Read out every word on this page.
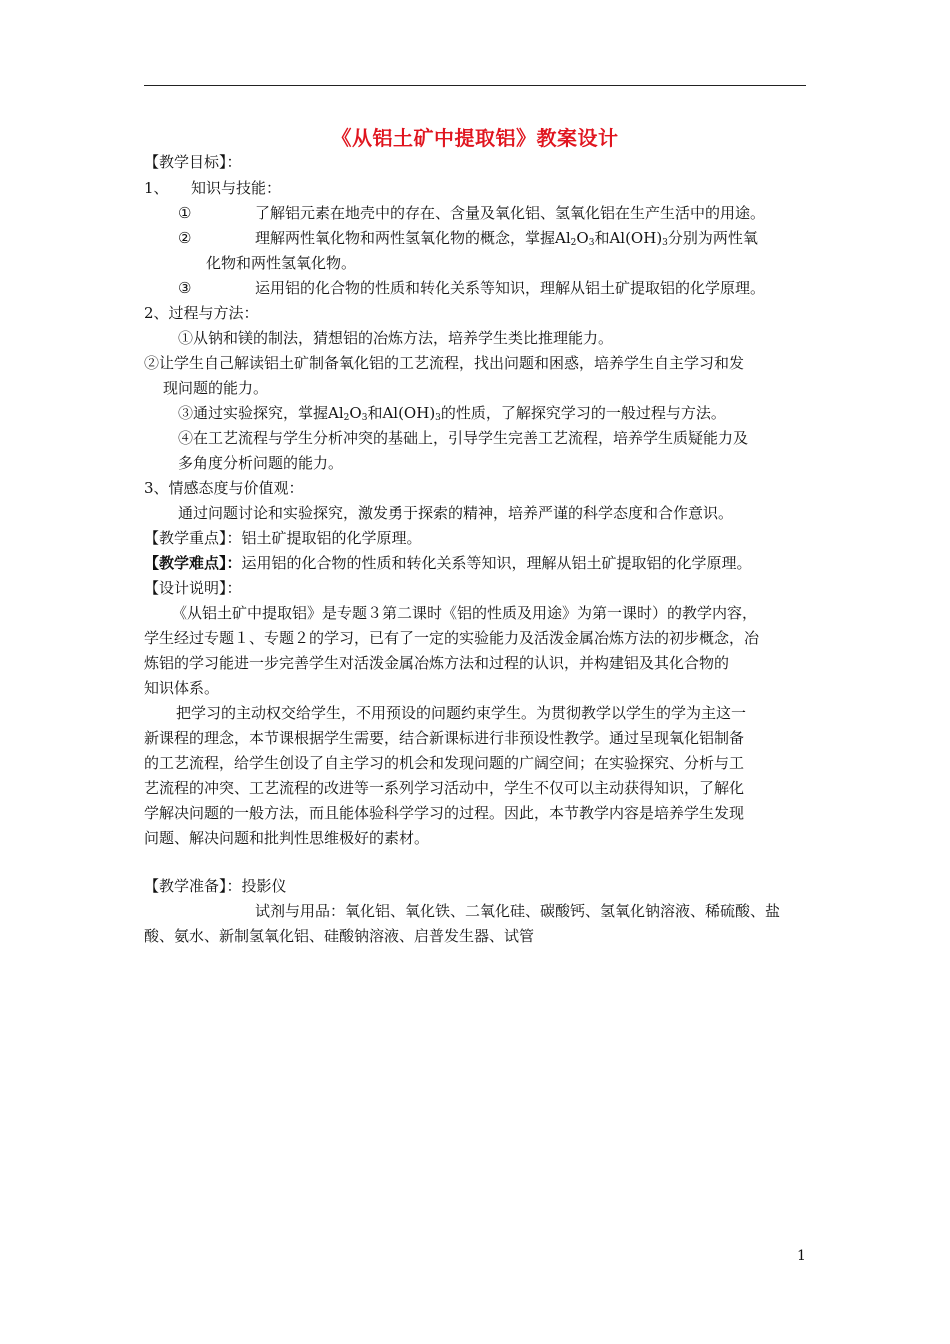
《从铝土矿中提取铝》教案设计
【教学目标】：
1、　　知识与技能：
①	了解铝元素在地壳中的存在、含量及氧化铝、氢氧化铝在生产生活中的用途。
②	理解两性氧化物和两性氢氧化物的概念，掌握$Al_2O_3$和$Al(OH)_3$分别为两性氧
化物和两性氢氧化物。
③	运用铝的化合物的性质和转化关系等知识，理解从铝土矿提取铝的化学原理。
2、过程与方法：
①从钠和镁的制法，猜想铝的冶炼方法，培养学生类比推理能力。
②让学生自己解读铝土矿制备氧化铝的工艺流程，找出问题和困惑，培养学生自主学习和发
现问题的能力。
③通过实验探究，掌握$Al_2O_3$和$Al(OH)_3$的性质，了解探究学习的一般过程与方法。
④在工艺流程与学生分析冲突的基础上，引导学生完善工艺流程，培养学生质疑能力及
多角度分析问题的能力。
3、情感态度与价值观：
通过问题讨论和实验探究，激发勇于探索的精神，培养严谨的科学态度和合作意识。
【教学重点】：铝土矿提取铝的化学原理。
【教学难点】：运用铝的化合物的性质和转化关系等知识，理解从铝土矿提取铝的化学原理。
【设计说明】：
《从铝土矿中提取铝》是专题３第二课时《铝的性质及用途》为第一课时）的教学内容，
学生经过专题１、专题２的学习，已有了一定的实验能力及活泼金属冶炼方法的初步概念，冶
炼铝的学习能进一步完善学生对活泼金属冶炼方法和过程的认识，并构建铝及其化合物的
知识体系。
把学习的主动权交给学生，不用预设的问题约束学生。为贯彻教学以学生的学为主这一
新课程的理念，本节课根据学生需要，结合新课标进行非预设性教学。通过呈现氧化铝制备
的工艺流程，给学生创设了自主学习的机会和发现问题的广阔空间；在实验探究、分析与工
艺流程的冲突、工艺流程的改进等一系列学习活动中，学生不仅可以主动获得知识，了解化
学解决问题的一般方法，而且能体验科学学习的过程。因此，本节教学内容是培养学生发现
问题、解决问题和批判性思维极好的素材。
【教学准备】：投影仪
试剂与用品：氧化铝、氧化铁、二氧化硅、碳酸钙、氢氧化钠溶液、稀硫酸、盐
酸、氨水、新制氢氧化铝、硅酸钠溶液、启普发生器、试管
1
